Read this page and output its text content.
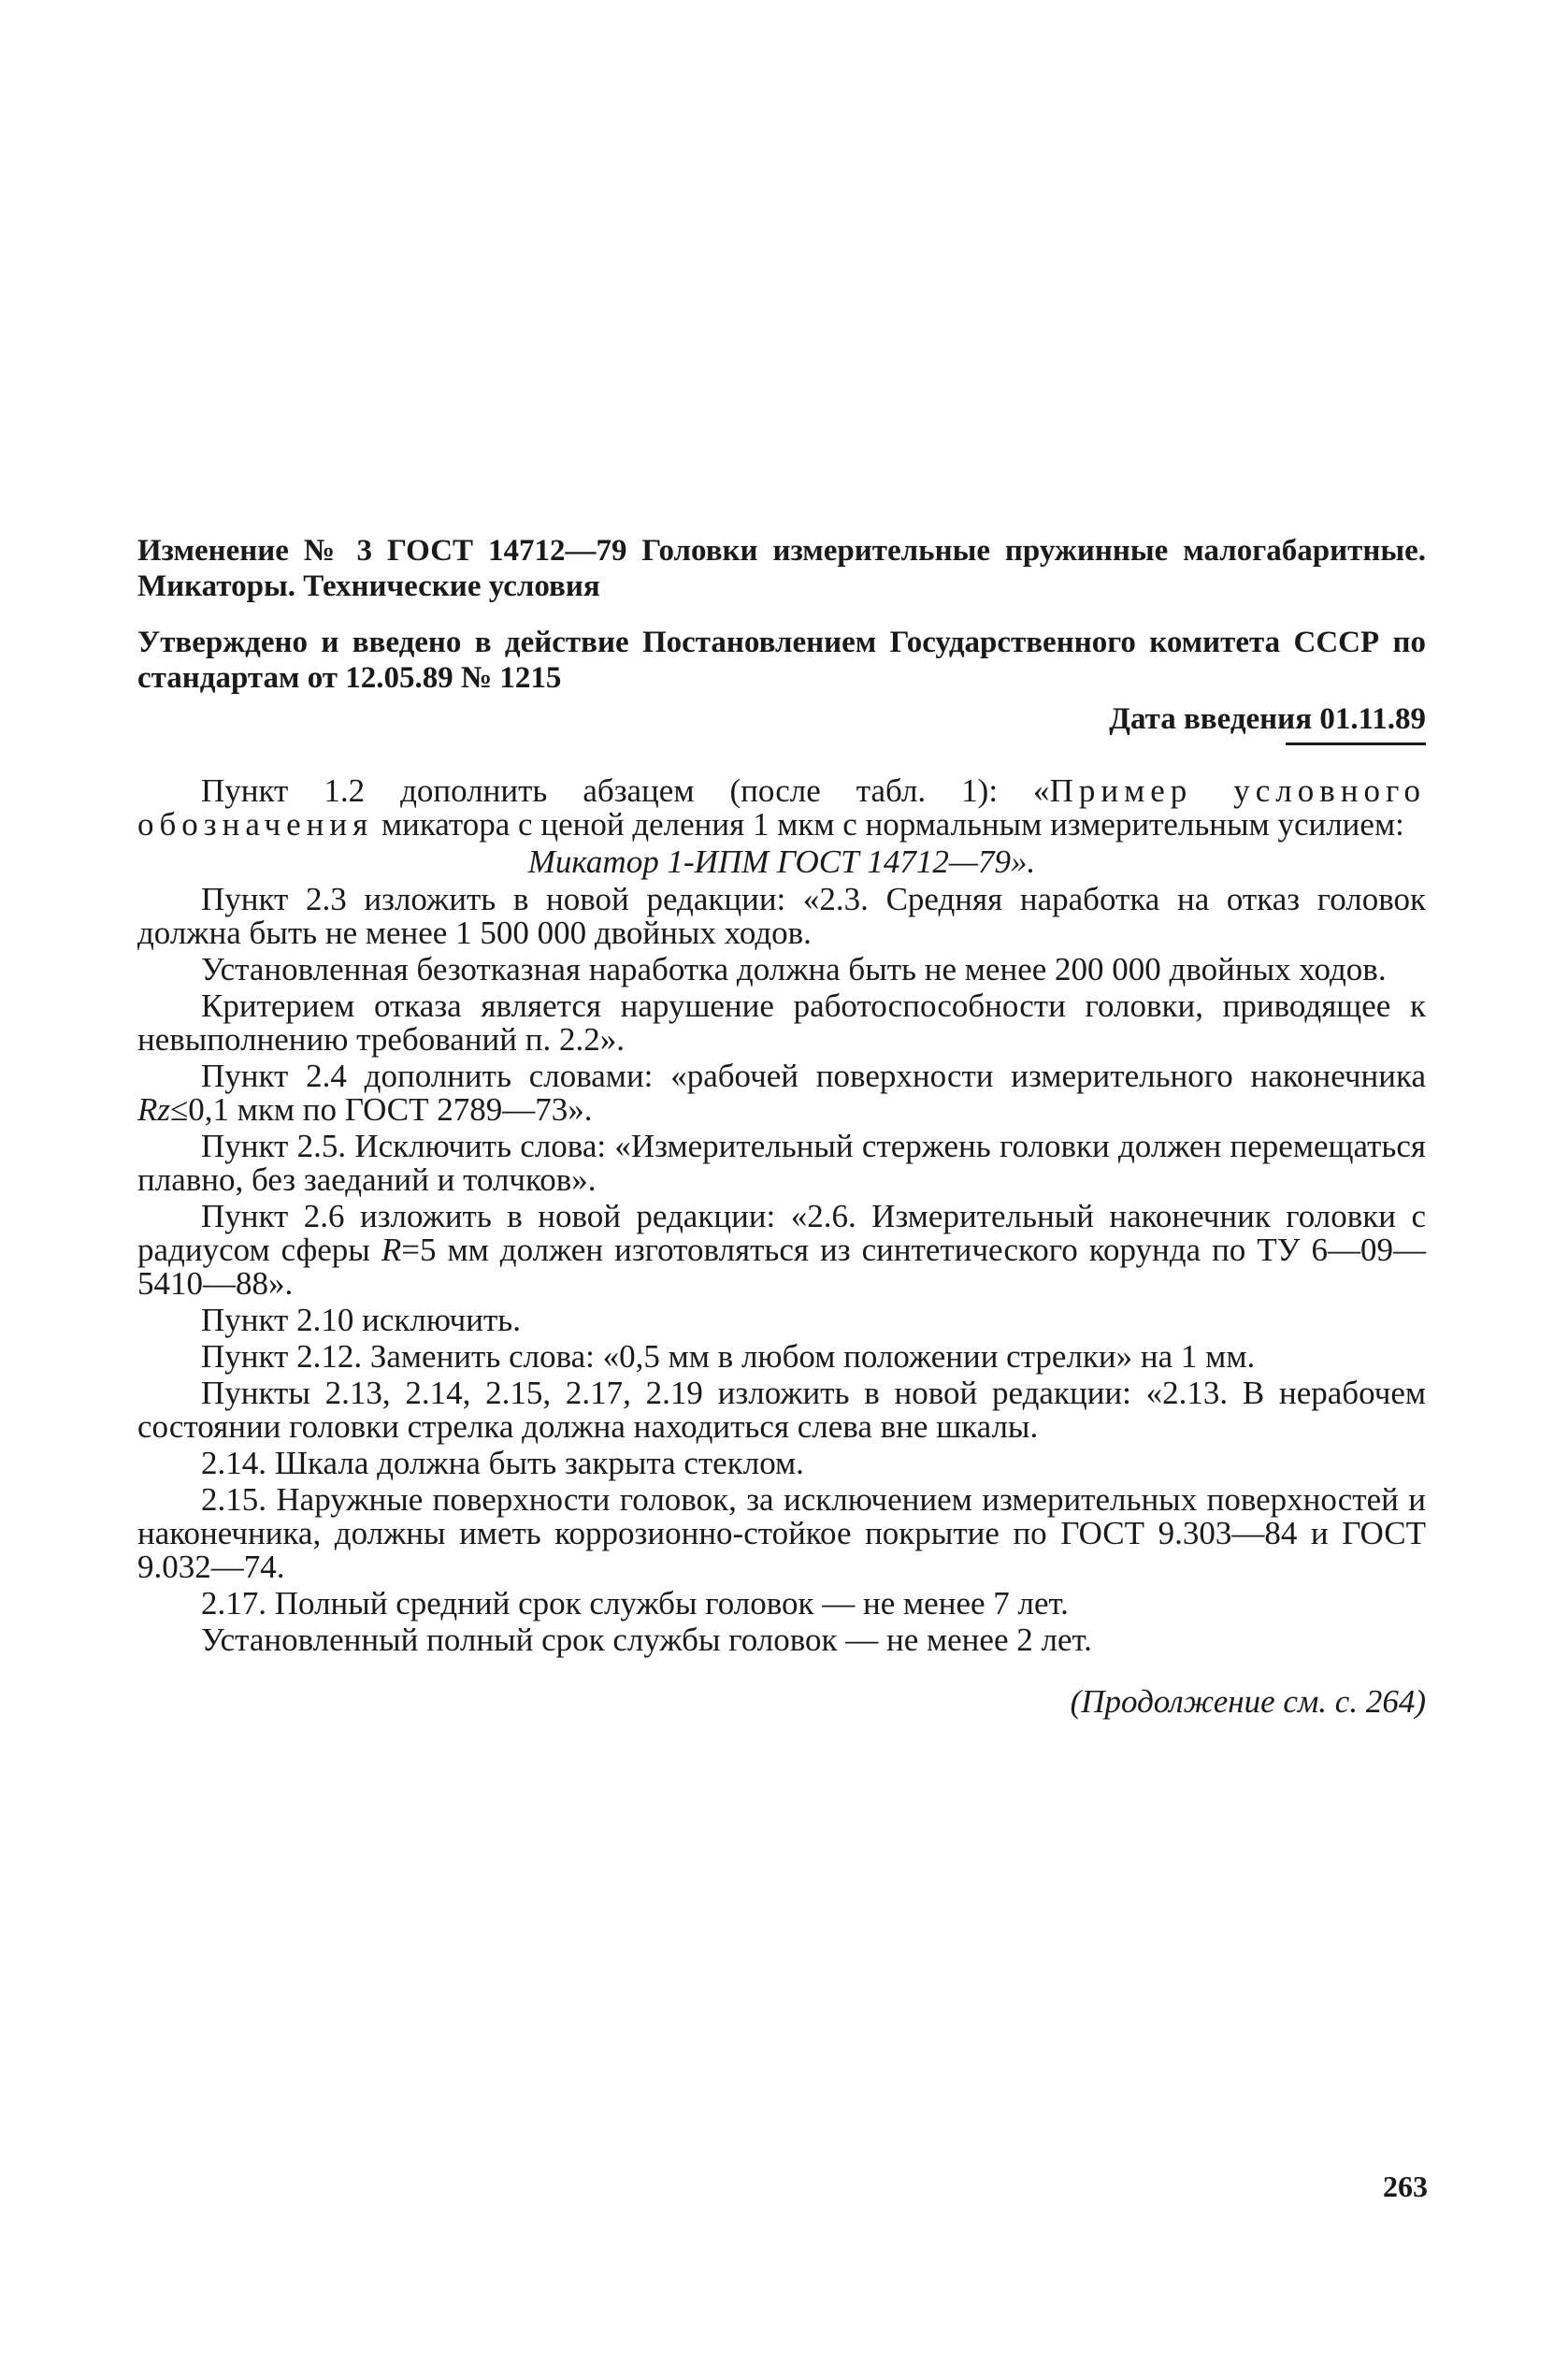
Изменение № 3 ГОСТ 14712—79 Головки измерительные пружинные малогабаритные. Микаторы. Технические условия

Утверждено и введено в действие Постановлением Государственного комитета СССР по стандартам от 12.05.89 № 1215

Дата введения 01.11.89

Пункт 1.2 дополнить абзацем (после табл. 1): «Пример условного обозначения микатора с ценой деления 1 мкм с нормальным измерительным усилием:

Микатор 1-ИПМ ГОСТ 14712—79».

Пункт 2.3 изложить в новой редакции: «2.3. Средняя наработка на отказ головок должна быть не менее 1 500 000 двойных ходов.

Установленная безотказная наработка должна быть не менее 200 000 двойных ходов.

Критерием отказа является нарушение работоспособности головки, приводящее к невыполнению требований п. 2.2».

Пункт 2.4 дополнить словами: «рабочей поверхности измерительного наконечника Rz≤0,1 мкм по ГОСТ 2789—73».

Пункт 2.5. Исключить слова: «Измерительный стержень головки должен перемещаться плавно, без заеданий и толчков».

Пункт 2.6 изложить в новой редакции: «2.6. Измерительный наконечник головки с радиусом сферы R=5 мм должен изготовляться из синтетического корунда по ТУ 6—09—5410—88».

Пункт 2.10 исключить.

Пункт 2.12. Заменить слова: «0,5 мм в любом положении стрелки» на 1 мм.

Пункты 2.13, 2.14, 2.15, 2.17, 2.19 изложить в новой редакции: «2.13. В нерабочем состоянии головки стрелка должна находиться слева вне шкалы.

2.14. Шкала должна быть закрыта стеклом.

2.15. Наружные поверхности головок, за исключением измерительных поверхностей и наконечника, должны иметь коррозионно-стойкое покрытие по ГОСТ 9.303—84 и ГОСТ 9.032—74.

2.17. Полный средний срок службы головок — не менее 7 лет.

Установленный полный срок службы головок — не менее 2 лет.

(Продолжение см. с. 264)
263
